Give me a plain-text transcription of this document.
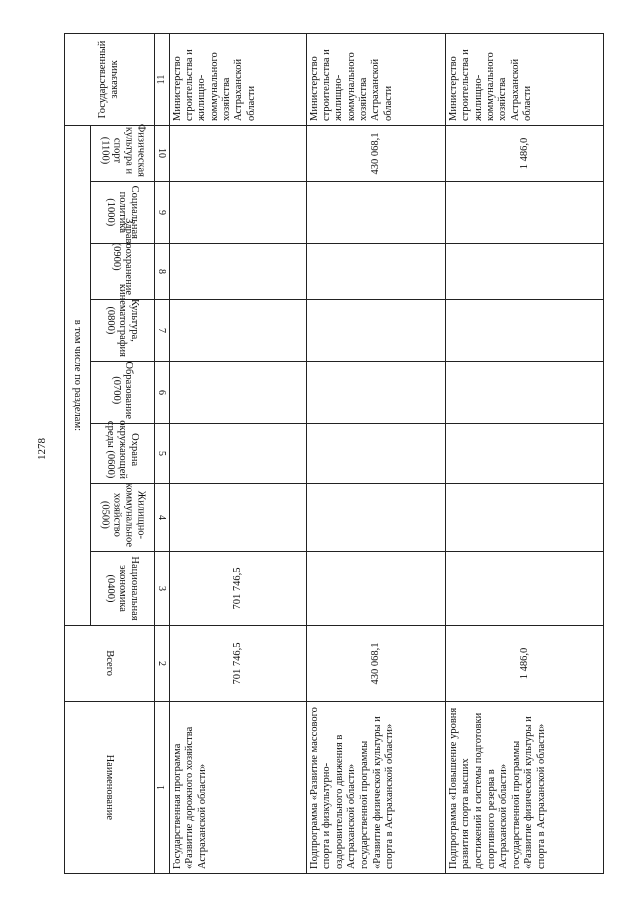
1278
Наименование	Всего	в том числе по разделам:								Государственный заказчик
		Национальная экономика (0400)	Жилищно-коммунальное хозяйство (0500)	Охрана окружающей среды (0600)	Образование (0700)	Культура, кинематография (0800)	Здравоохранение (0900)	Социальная политика (1000)	Физическая культура и спорт (1100)	
1	2	3	4	5	6	7	8	9	10	11
Государственная программа «Развитие дорожного хозяйства Астраханской области»	701 746,5	701 746,5								Министерство строительства и жилищно-коммунального хозяйства Астраханской области
Подпрограмма «Развитие массового спорта и физкультурно-оздоровительного движения в Астраханской области» государственной программы «Развитие физической культуры и спорта в Астраханской области»	430 068,1								430 068,1	Министерство строительства и жилищно-коммунального хозяйства Астраханской области
Подпрограмма «Повышение уровня развития спорта высших достижений и системы подготовки спортивного резерва в Астраханской области» государственной программы «Развитие физической культуры и спорта в Астраханской области»	1 486,0								1 486,0	Министерство строительства и жилищно-коммунального хозяйства Астраханской области
